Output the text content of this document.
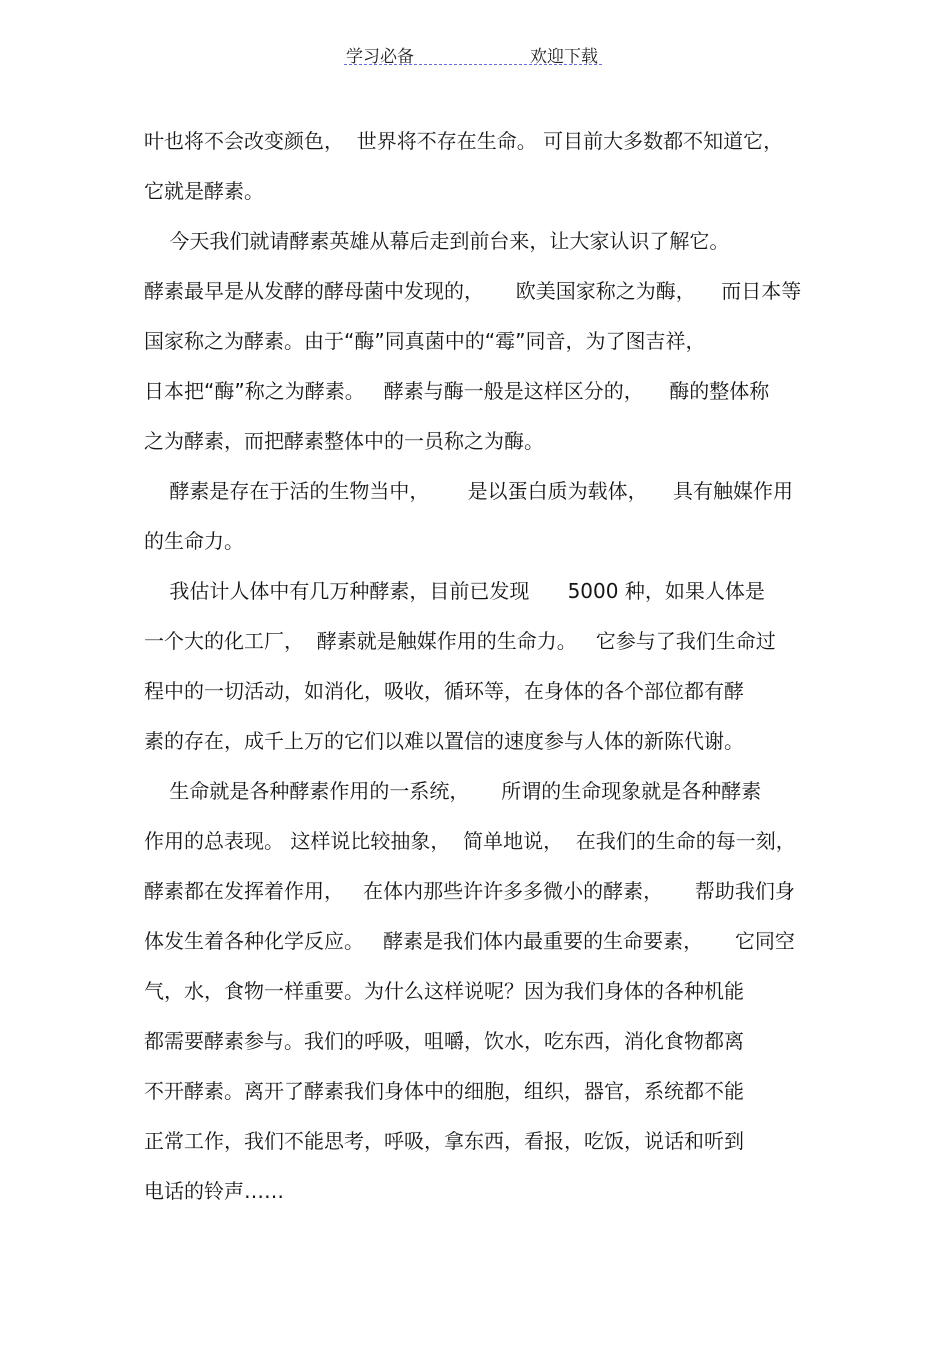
学习必备	欢迎下载
叶也将不会改变颜色，  世界将不存在生命。 可目前大多数都不知道它，
它就是酵素。
今天我们就请酵素英雄从幕后走到前台来，让大家认识了解它。
酵素最早是从发酵的酵母菌中发现的，     欧美国家称之为酶，    而日本等
国家称之为酵素。由于“酶”同真菌中的“霉”同音，为了图吉祥，
日本把“酶”称之为酵素。   酵素与酶一般是这样区分的，    酶的整体称
之为酵素，而把酵素整体中的一员称之为酶。
酵素是存在于活的生物当中，      是以蛋白质为载体，    具有触媒作用
的生命力。
我估计人体中有几万种酵素，目前已发现      5000 种，如果人体是
一个大的化工厂，  酵素就是触媒作用的生命力。   它参与了我们生命过
程中的一切活动，如消化，吸收，循环等，在身体的各个部位都有酵
素的存在，成千上万的它们以难以置信的速度参与人体的新陈代谢。
生命就是各种酵素作用的一系统，     所谓的生命现象就是各种酵素
作用的总表现。 这样说比较抽象，  简单地说，  在我们的生命的每一刻，
酵素都在发挥着作用，   在体内那些许许多多微小的酵素，     帮助我们身
体发生着各种化学反应。   酵素是我们体内最重要的生命要素，     它同空
气，水，食物一样重要。为什么这样说呢？因为我们身体的各种机能
都需要酵素参与。我们的呼吸，咀嚼，饮水，吃东西，消化食物都离
不开酵素。离开了酵素我们身体中的细胞，组织，器官，系统都不能
正常工作，我们不能思考，呼吸，拿东西，看报，吃饭，说话和听到
电话的铃声……
